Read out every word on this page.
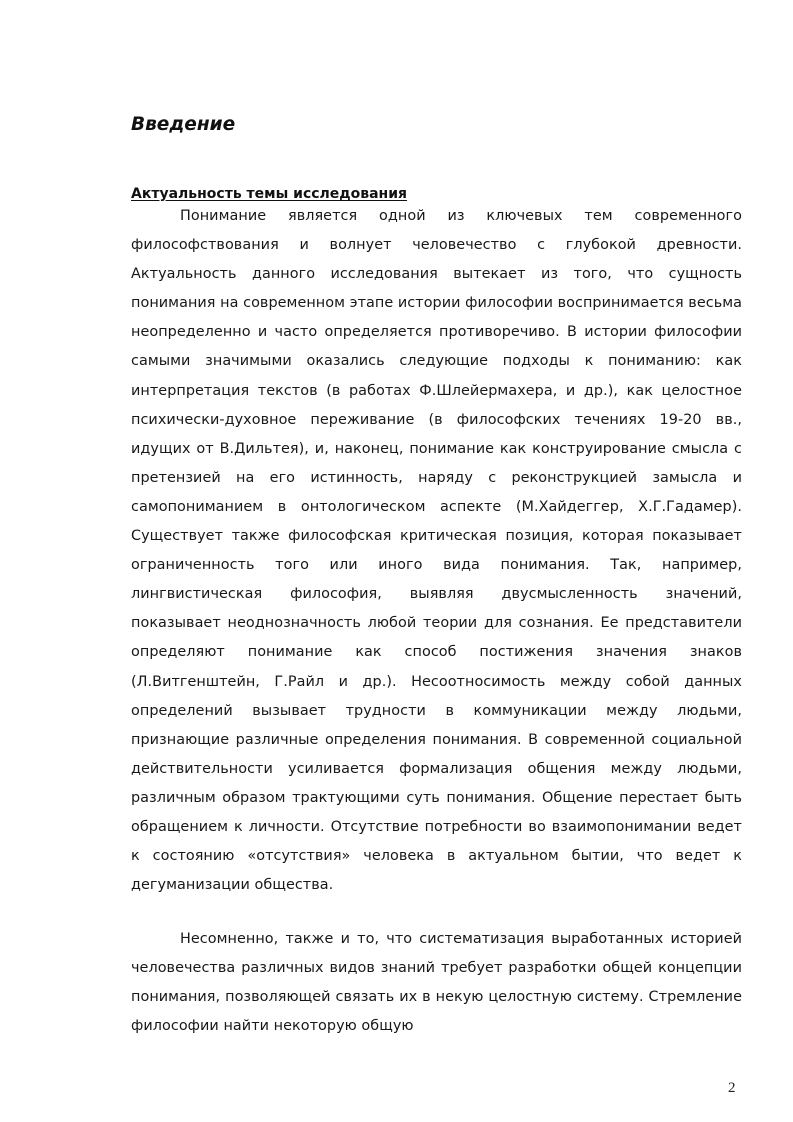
Введение
Актуальность темы исследования

Понимание является одной из ключевых тем современного философствования и волнует человечество с глубокой древности. Актуальность данного исследования вытекает из того, что сущность понимания на современном этапе истории философии воспринимается весьма неопределенно и часто определяется противоречиво. В истории философии самыми значимыми оказались следующие подходы к пониманию: как интерпретация текстов (в работах Ф.Шлейермахера, и др.), как целостное психически-духовное переживание (в философских течениях 19-20 вв., идущих от В.Дильтея), и, наконец, понимание как конструирование смысла с претензией на его истинность, наряду с реконструкцией замысла и самопониманием в онтологическом аспекте (М.Хайдеггер, Х.Г.Гадамер). Существует также философская критическая позиция, которая показывает ограниченность того или иного вида понимания. Так, например, лингвистическая философия, выявляя двусмысленность значений, показывает неоднозначность любой теории для сознания. Ее представители определяют понимание как способ постижения значения знаков (Л.Витгенштейн, Г.Райл и др.). Несоотносимость между собой данных определений вызывает трудности в коммуникации между людьми, признающие различные определения понимания. В современной социальной действительности усиливается формализация общения между людьми, различным образом трактующими суть понимания. Общение перестает быть обращением к личности. Отсутствие потребности во взаимопонимании ведет к состоянию «отсутствия» человека в актуальном бытии, что ведет к дегуманизации общества.

Несомненно, также и то, что систематизация выработанных историей человечества различных видов знаний требует разработки общей концепции понимания, позволяющей связать их в некую целостную систему. Стремление философии найти некоторую общую

2
